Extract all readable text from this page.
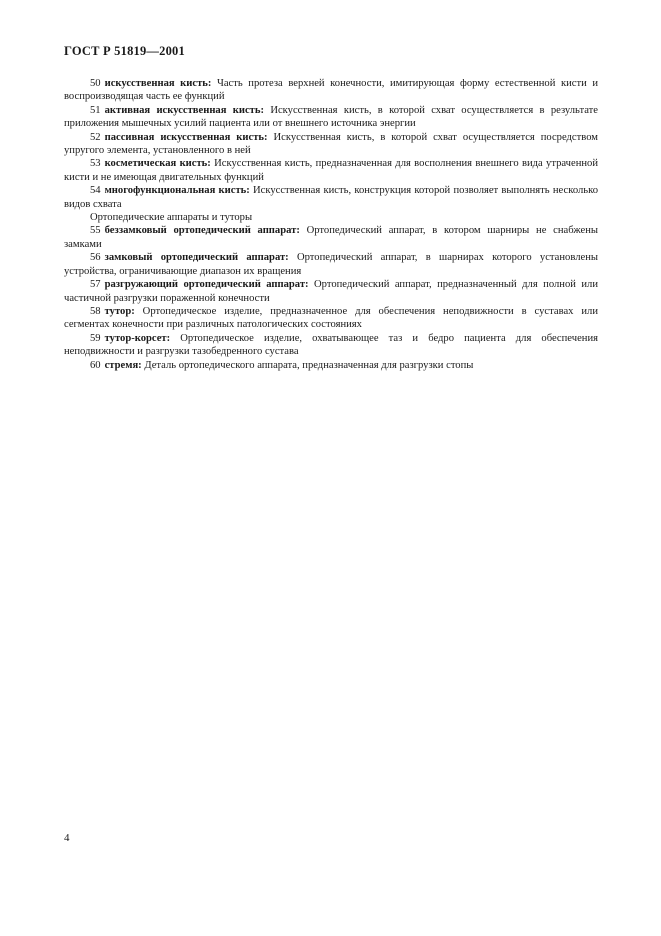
ГОСТ Р 51819—2001

50 искусственная кисть: Часть протеза верхней конечности, имитирующая форму естественной кисти и воспроизводящая часть ее функций

51 активная искусственная кисть: Искусственная кисть, в которой схват осуществляется в результате приложения мышечных усилий пациента или от внешнего источника энергии

52 пассивная искусственная кисть: Искусственная кисть, в которой схват осуществляется посредством упругого элемента, установленного в ней

53 косметическая кисть: Искусственная кисть, предназначенная для восполнения внешнего вида утраченной кисти и не имеющая двигательных функций

54 многофункциональная кисть: Искусственная кисть, конструкция которой позволяет выполнять несколько видов схвата

Ортопедические аппараты и туторы

55 беззамковый ортопедический аппарат: Ортопедический аппарат, в котором шарниры не снабжены замками

56 замковый ортопедический аппарат: Ортопедический аппарат, в шарнирах которого установлены устройства, ограничивающие диапазон их вращения

57 разгружающий ортопедический аппарат: Ортопедический аппарат, предназначенный для полной или частичной разгрузки пораженной конечности

58 тутор: Ортопедическое изделие, предназначенное для обеспечения неподвижности в суставах или сегментах конечности при различных патологических состояниях

59 тутор-корсет: Ортопедическое изделие, охватывающее таз и бедро пациента для обеспечения неподвижности и разгрузки тазобедренного сустава

60 стремя: Деталь ортопедического аппарата, предназначенная для разгрузки стопы

4
